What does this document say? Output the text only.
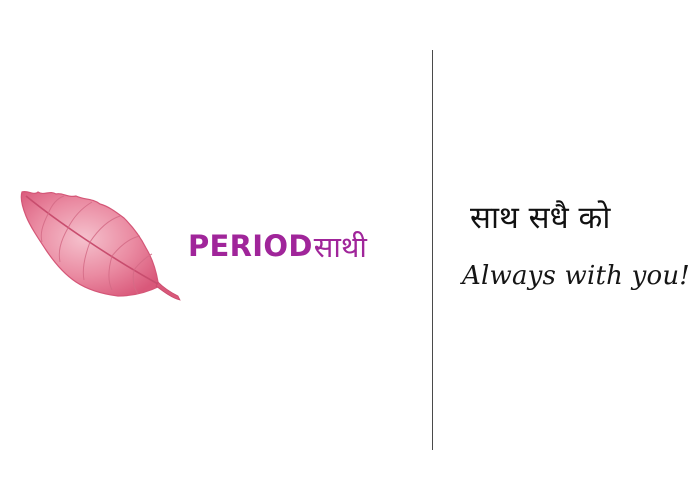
PERIOD साथी
साथ सधै को
Always with you!
